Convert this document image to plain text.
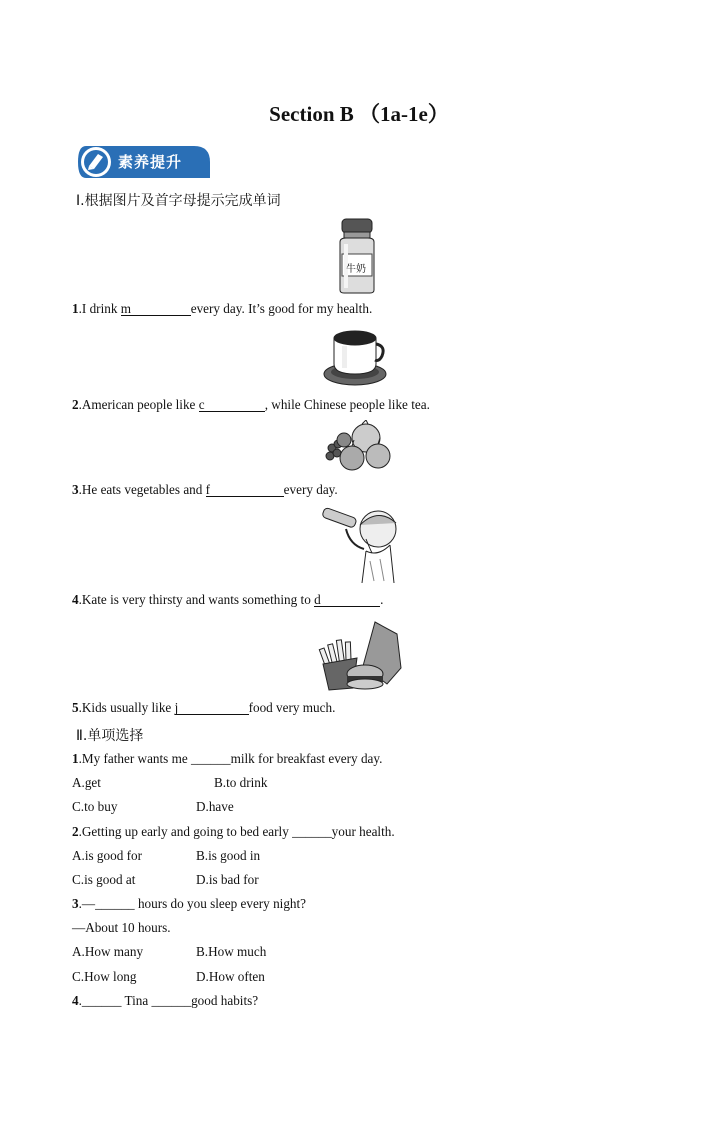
Section B （1a-1e）
素养提升
Ⅰ.根据图片及首字母提示完成单词
牛奶
1.I drink m	every day. It’s good for my health.
2.American people like c	, while Chinese people like tea.
3.He eats vegetables and f	every day.
4.Kate is very thirsty and wants something to d	.
5.Kids usually like j	food very much.
Ⅱ.单项选择
1.My father wants me ______milk for breakfast every day.
A.get	B.to drink
C.to buy	D.have
2.Getting up early and going to bed early ______your health.
A.is good for	B.is good in
C.is good at	D.is bad for
3.—______ hours do you sleep every night?
—About 10 hours.
A.How many	B.How much
C.How long	D.How often
4.______ Tina ______good habits?
